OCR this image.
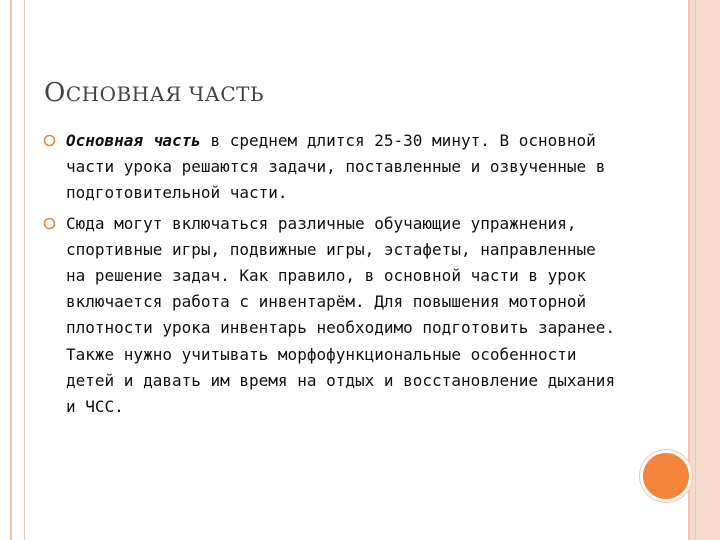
ОСНОВНАЯ ЧАСТЬ
Основная часть в среднем длится 25-30 минут. В основной части урока решаются задачи, поставленные и озвученные в подготовительной части.
Сюда могут включаться различные обучающие упражнения, спортивные игры, подвижные игры, эстафеты, направленные на решение задач. Как правило, в основной части в урок включается работа с инвентарём. Для повышения моторной плотности урока инвентарь необходимо подготовить заранее. Также нужно учитывать морфофункциональные особенности детей и давать им время на отдых и восстановление дыхания и ЧСС.
